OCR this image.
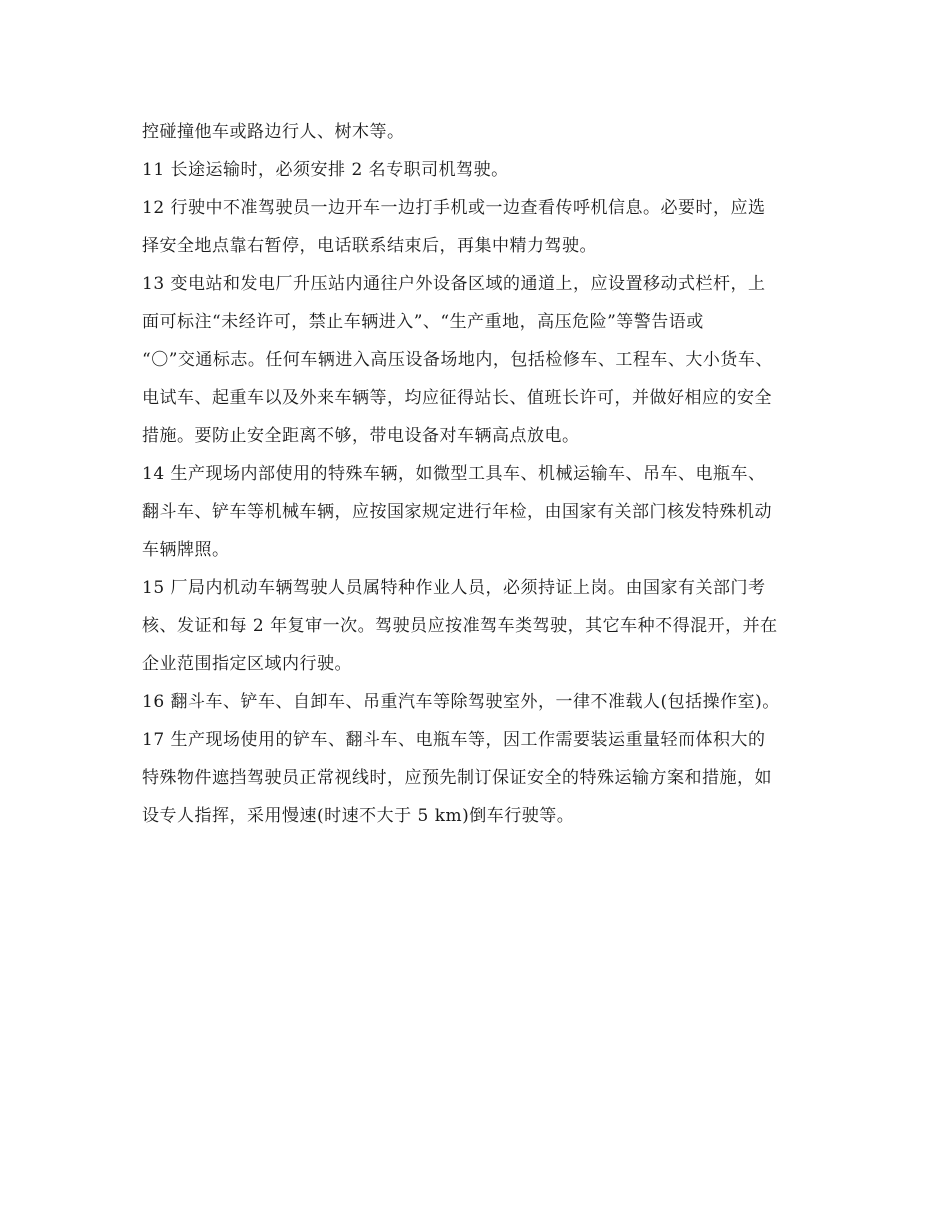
控碰撞他车或路边行人、树木等。
11 长途运输时，必须安排 2 名专职司机驾驶。
12 行驶中不准驾驶员一边开车一边打手机或一边查看传呼机信息。必要时，应选
择安全地点靠右暂停，电话联系结束后，再集中精力驾驶。
13 变电站和发电厂升压站内通往户外设备区域的通道上，应设置移动式栏杆，上
面可标注“未经许可，禁止车辆进入”、“生产重地，高压危险”等警告语或
“〇”交通标志。任何车辆进入高压设备场地内，包括检修车、工程车、大小货车、
电试车、起重车以及外来车辆等，均应征得站长、值班长许可，并做好相应的安全
措施。要防止安全距离不够，带电设备对车辆高点放电。
14 生产现场内部使用的特殊车辆，如微型工具车、机械运输车、吊车、电瓶车、
翻斗车、铲车等机械车辆，应按国家规定进行年检，由国家有关部门核发特殊机动
车辆牌照。
15 厂局内机动车辆驾驶人员属特种作业人员，必须持证上岗。由国家有关部门考
核、发证和每 2 年复审一次。驾驶员应按准驾车类驾驶，其它车种不得混开，并在
企业范围指定区域内行驶。
16 翻斗车、铲车、自卸车、吊重汽车等除驾驶室外，一律不准载人(包括操作室)。
17 生产现场使用的铲车、翻斗车、电瓶车等，因工作需要装运重量轻而体积大的
特殊物件遮挡驾驶员正常视线时，应预先制订保证安全的特殊运输方案和措施，如
设专人指挥，采用慢速(时速不大于 5 km)倒车行驶等。
